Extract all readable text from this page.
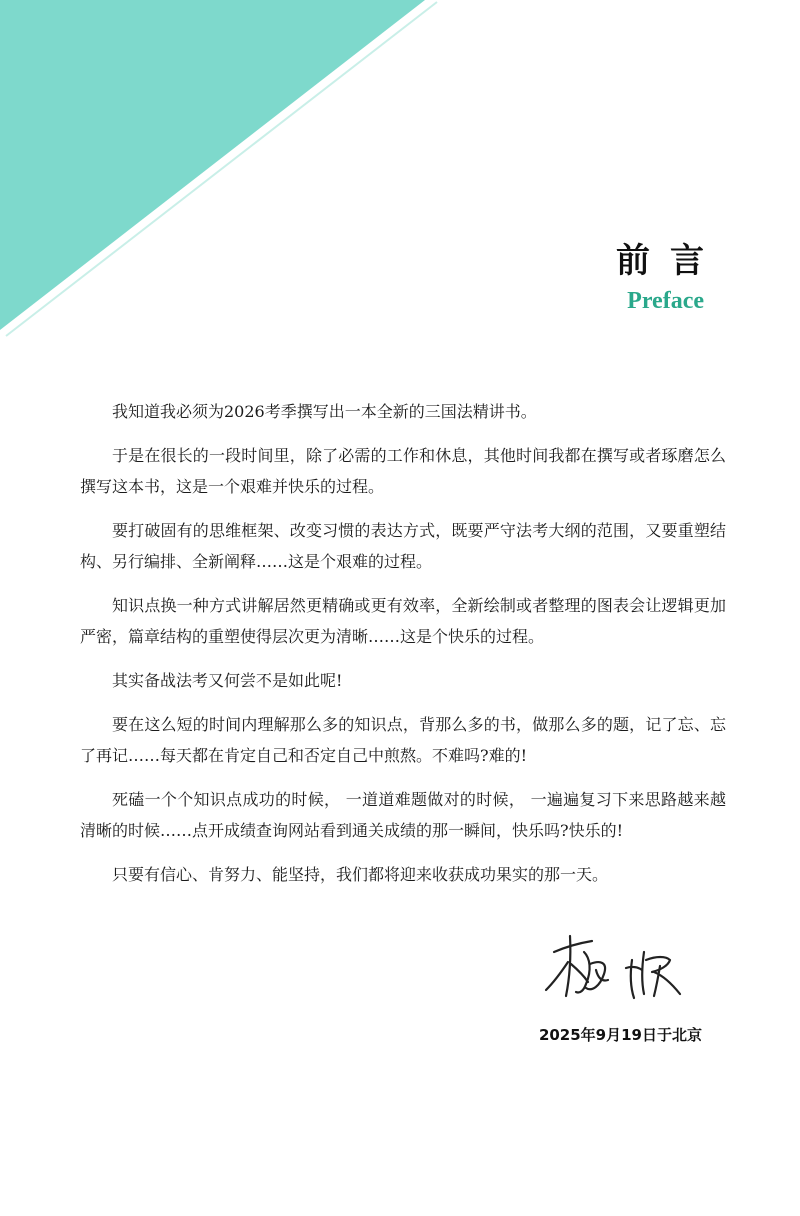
前言
Preface

我知道我必须为2026考季撰写出一本全新的三国法精讲书。

于是在很长的一段时间里，除了必需的工作和休息，其他时间我都在撰写或者琢磨怎么撰写这本书，这是一个艰难并快乐的过程。

要打破固有的思维框架、改变习惯的表达方式，既要严守法考大纲的范围，又要重塑结构、另行编排、全新阐释……这是个艰难的过程。

知识点换一种方式讲解居然更精确或更有效率，全新绘制或者整理的图表会让逻辑更加严密，篇章结构的重塑使得层次更为清晰……这是个快乐的过程。

其实备战法考又何尝不是如此呢!

要在这么短的时间内理解那么多的知识点，背那么多的书，做那么多的题，记了忘、忘了再记……每天都在肯定自己和否定自己中煎熬。不难吗?难的!

死磕一个个知识点成功的时候， 一道道难题做对的时候， 一遍遍复习下来思路越来越清晰的时候……点开成绩查询网站看到通关成绩的那一瞬间，快乐吗?快乐的!

只要有信心、肯努力、能坚持，我们都将迎来收获成功果实的那一天。

2025年9月19日于北京
